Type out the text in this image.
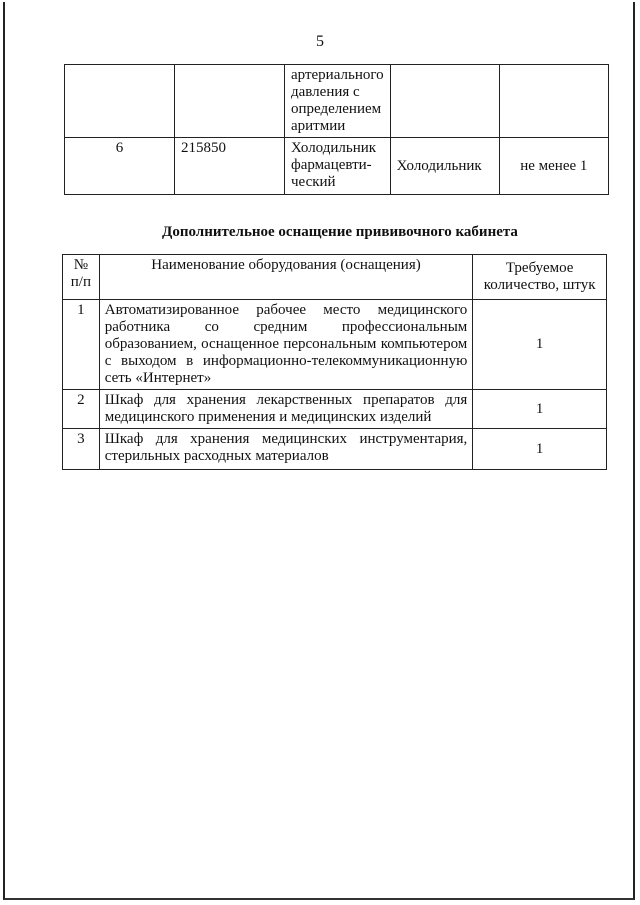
5
		артериального давления с определением аритмии		
6	215850	Холодильник фармацевти-ческий	Холодильник	не менее 1
Дополнительное оснащение прививочного кабинета
№ п/п	Наименование оборудования (оснащения)	Требуемое количество, штук
1	Автоматизированное рабочее место медицинского работника со средним профессиональным образованием, оснащенное персональным компьютером с выходом в информационно-телекоммуникационную сеть «Интернет»	1
2	Шкаф для хранения лекарственных препаратов для медицинского применения и медицинских изделий	1
3	Шкаф для хранения медицинских инструментария, стерильных расходных материалов	1
